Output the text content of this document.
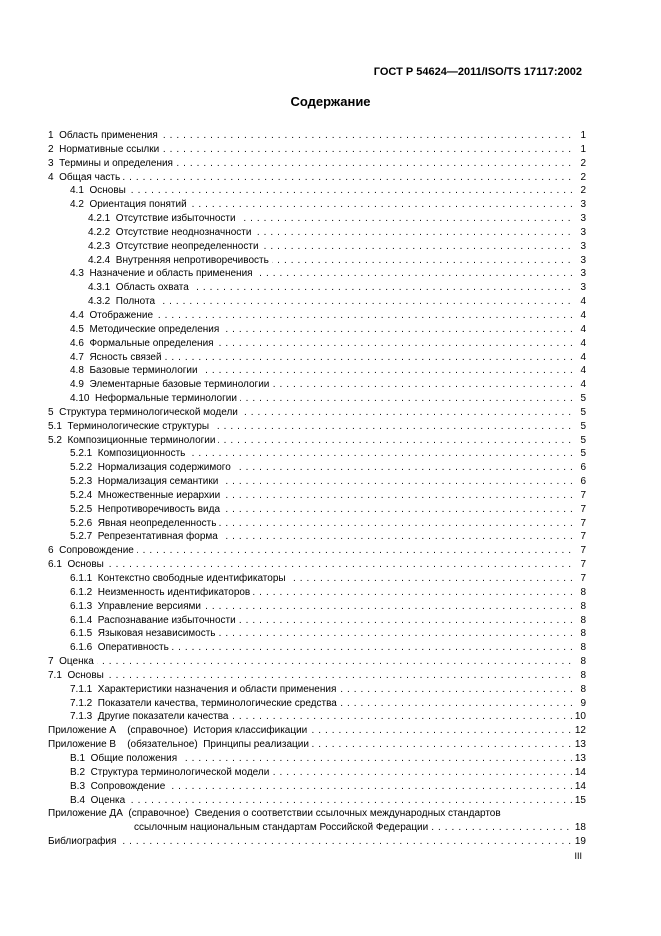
ГОСТ Р 54624—2011/ISO/TS 17117:2002
Содержание
1  Область применения . . .	1
2  Нормативные ссылки . . .	1
3  Термины и определения . . .	2
4  Общая часть . . .	2
4.1  Основы . . .	2
4.2  Ориентация понятий . . .	3
4.2.1  Отсутствие избыточности . . .	3
4.2.2  Отсутствие неоднозначности . . .	3
4.2.3  Отсутствие неопределенности . . .	3
4.2.4  Внутренняя непротиворечивость . . .	3
4.3  Назначение и область применения . . .	3
4.3.1  Область охвата . . .	3
4.3.2  Полнота . . .	4
4.4  Отображение . . .	4
4.5  Методические определения . . .	4
4.6  Формальные определения . . .	4
4.7  Ясность связей . . .	4
4.8  Базовые терминологии . . .	4
4.9  Элементарные базовые терминологии . . .	4
4.10  Неформальные терминологии . . .	5
5  Структура терминологической модели . . .	5
5.1  Терминологические структуры . . .	5
5.2  Композиционные терминологии . . .	5
5.2.1  Композиционность . . .	5
5.2.2  Нормализация содержимого . . .	6
5.2.3  Нормализация семантики . . .	6
5.2.4  Множественные иерархии . . .	7
5.2.5  Непротиворечивость вида . . .	7
5.2.6  Явная неопределенность . . .	7
5.2.7  Репрезентативная форма . . .	7
6  Сопровождение . . .	7
6.1  Основы . . .	7
6.1.1  Контекстно свободные идентификаторы . . .	7
6.1.2  Неизменность идентификаторов . . .	8
6.1.3  Управление версиями . . .	8
6.1.4  Распознавание избыточности . . .	8
6.1.5  Языковая независимость . . .	8
6.1.6  Оперативность . . .	8
7  Оценка . . .	8
7.1  Основы . . .	8
7.1.1  Характеристики назначения и области применения . . .	8
7.1.2  Показатели качества, терминологические средства . . .	9
7.1.3  Другие показатели качества . . .	10
Приложение А    (справочное)  История классификации . . .	12
Приложение В    (обязательное)  Принципы реализации . . .	13
В.1  Общие положения . . .	13
В.2  Структура терминологической модели . . .	14
В.3  Сопровождение . . .	14
В.4  Оценка . . .	15
Приложение ДА  (справочное)  Сведения о соответствии ссылочных международных стандартов
ссылочным национальным стандартам Российской Федерации . . .	18
Библиография . . .	19
III
